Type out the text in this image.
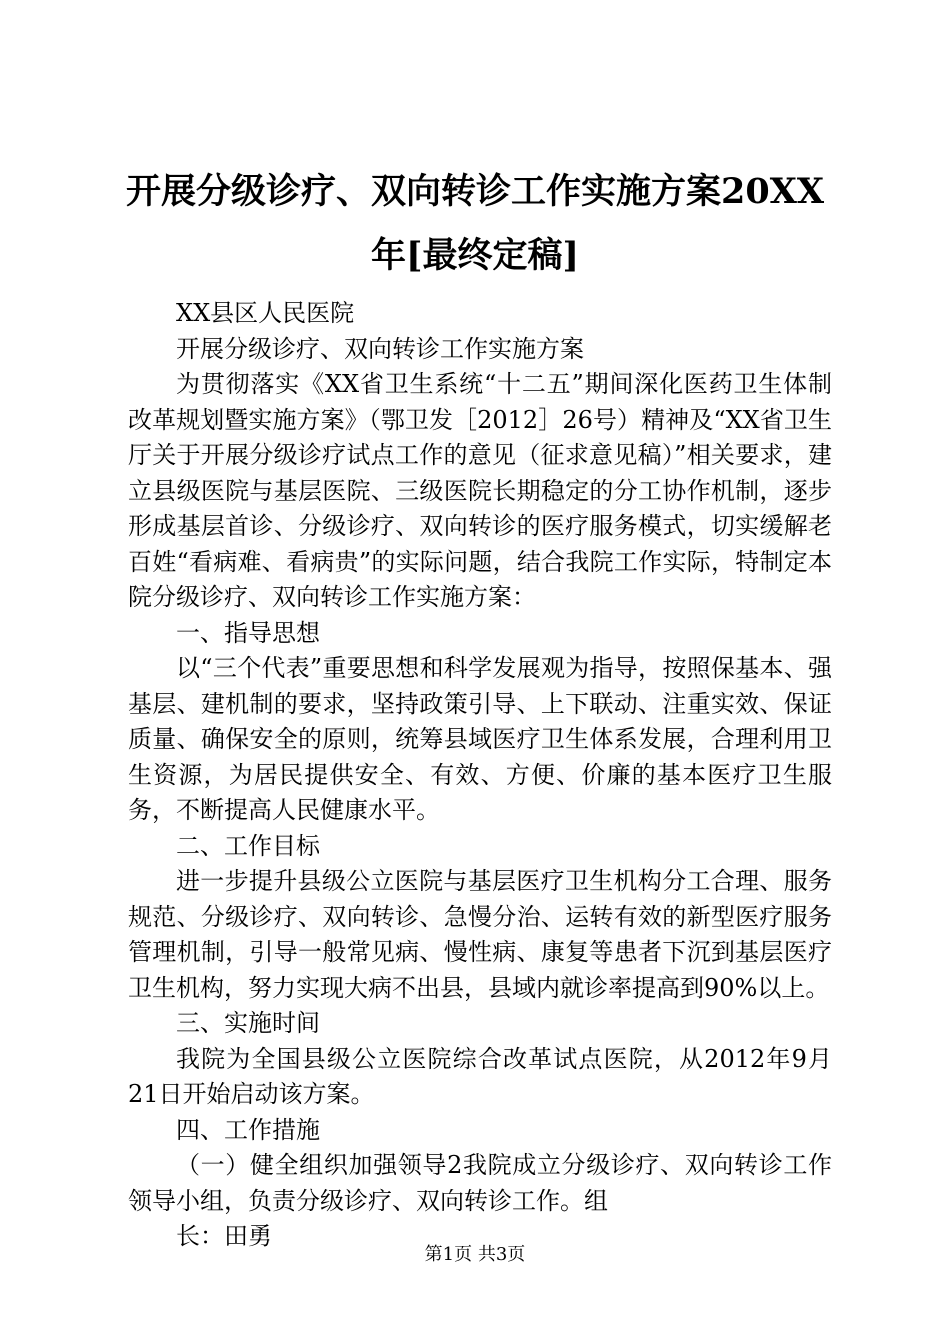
开展分级诊疗、双向转诊工作实施方案20XX年[最终定稿]

XX县区人民医院

开展分级诊疗、双向转诊工作实施方案

为贯彻落实《XX省卫生系统“十二五”期间深化医药卫生体制改革规划暨实施方案》（鄂卫发［2012］26号）精神及“XX省卫生厅关于开展分级诊疗试点工作的意见（征求意见稿）”相关要求，建立县级医院与基层医院、三级医院长期稳定的分工协作机制，逐步形成基层首诊、分级诊疗、双向转诊的医疗服务模式，切实缓解老百姓“看病难、看病贵”的实际问题，结合我院工作实际，特制定本院分级诊疗、双向转诊工作实施方案：

一、指导思想

以“三个代表”重要思想和科学发展观为指导，按照保基本、强基层、建机制的要求，坚持政策引导、上下联动、注重实效、保证质量、确保安全的原则，统筹县域医疗卫生体系发展，合理利用卫生资源，为居民提供安全、有效、方便、价廉的基本医疗卫生服务，不断提高人民健康水平。

二、工作目标

进一步提升县级公立医院与基层医疗卫生机构分工合理、服务规范、分级诊疗、双向转诊、急慢分治、运转有效的新型医疗服务管理机制，引导一般常见病、慢性病、康复等患者下沉到基层医疗卫生机构，努力实现大病不出县，县域内就诊率提高到90%以上。

三、实施时间

我院为全国县级公立医院综合改革试点医院，从2012年9月21日开始启动该方案。

四、工作措施

（一）健全组织加强领导2我院成立分级诊疗、双向转诊工作领导小组，负责分级诊疗、双向转诊工作。组

长：田勇

第1页 共3页
